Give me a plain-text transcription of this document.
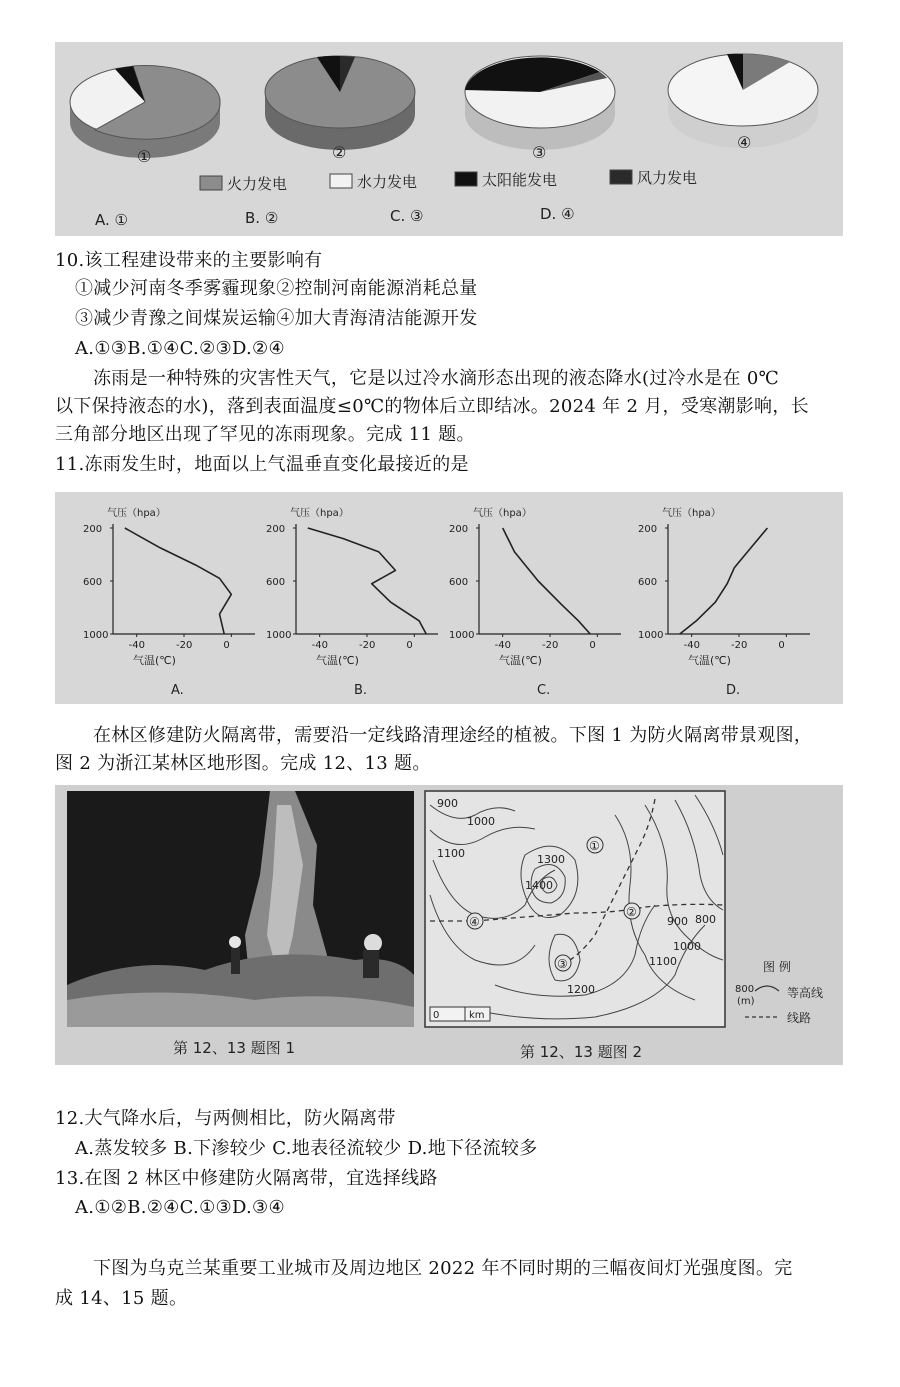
①	②	③
④
火力发电	水力发电	太阳能发电	风力发电
A. ①	B. ②	C. ③	D. ④
10.该工程建设带来的主要影响有
①减少河南冬季雾霾现象②控制河南能源消耗总量
③减少青豫之间煤炭运输④加大青海清洁能源开发
A.①③B.①④C.②③D.②④
冻雨是一种特殊的灾害性天气，它是以过冷水滴形态出现的液态降水(过冷水是在 0℃
以下保持液态的水)，落到表面温度≤0℃的物体后立即结冰。2024 年 2 月，受寒潮影响，长
三角部分地区出现了罕见的冻雨现象。完成 11 题。
11.冻雨发生时，地面以上气温垂直变化最接近的是
气压（hpa）
200
600
1000
-40	-20	0
气温(℃)
A.
气压（hpa）
200
600
1000
-40	-20	0
气温(℃)
B.
气压（hpa）
200
600
1000
-40	-20	0
气温(℃)
C.
气压（hpa）
200
600
1000
-40	-20	0
气温(℃)
D.
在林区修建防火隔离带，需要沿一定线路清理途经的植被。下图 1 为防火隔离带景观图，
图 2 为浙江某林区地形图。完成 12、13 题。
第 12、13 题图 1
①
②
③
④
900
1000
1100	1300
1400
900 800
1000
1100
1200
0	km
第 12、13 题图 2
图 例
800
(m)
等高线
线路
12.大气降水后，与两侧相比，防火隔离带
A.蒸发较多 B.下渗较少 C.地表径流较少 D.地下径流较多
13.在图 2 林区中修建防火隔离带，宜选择线路
A.①②B.②④C.①③D.③④
下图为乌克兰某重要工业城市及周边地区 2022 年不同时期的三幅夜间灯光强度图。完
成 14、15 题。
